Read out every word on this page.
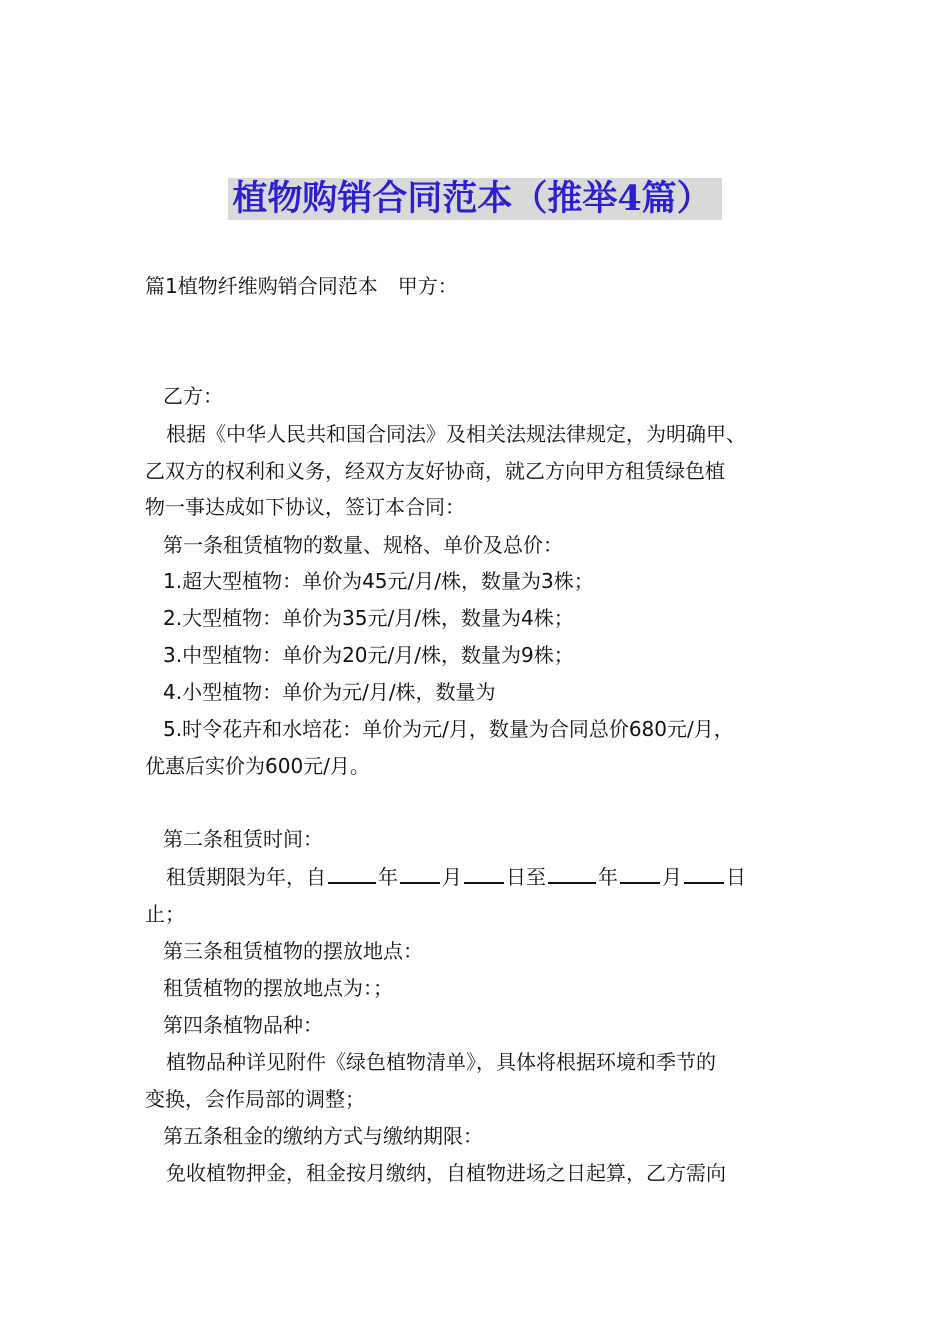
植物购销合同范本（推举4篇）
篇1植物纤维购销合同范本　甲方：
乙方：
根据《中华人民共和国合同法》及相关法规法律规定，为明确甲、
乙双方的权利和义务，经双方友好协商，就乙方向甲方租赁绿色植
物一事达成如下协议，签订本合同：
第一条租赁植物的数量、规格、单价及总价：
1.超大型植物：单价为45元/月/株，数量为3株；
2.大型植物：单价为35元/月/株，数量为4株；
3.中型植物：单价为20元/月/株，数量为9株；
4.小型植物：单价为元/月/株，数量为
5.时令花卉和水培花：单价为元/月，数量为合同总价680元/月，
优惠后实价为600元/月。
第二条租赁时间：
租赁期限为年，自	年 月 日至	年 月 日
止；
第三条租赁植物的摆放地点：
租赁植物的摆放地点为：；
第四条植物品种：
植物品种详见附件《绿色植物清单》，具体将根据环境和季节的
变换，会作局部的调整；
第五条租金的缴纳方式与缴纳期限：
免收植物押金，租金按月缴纳，自植物进场之日起算，乙方需向
